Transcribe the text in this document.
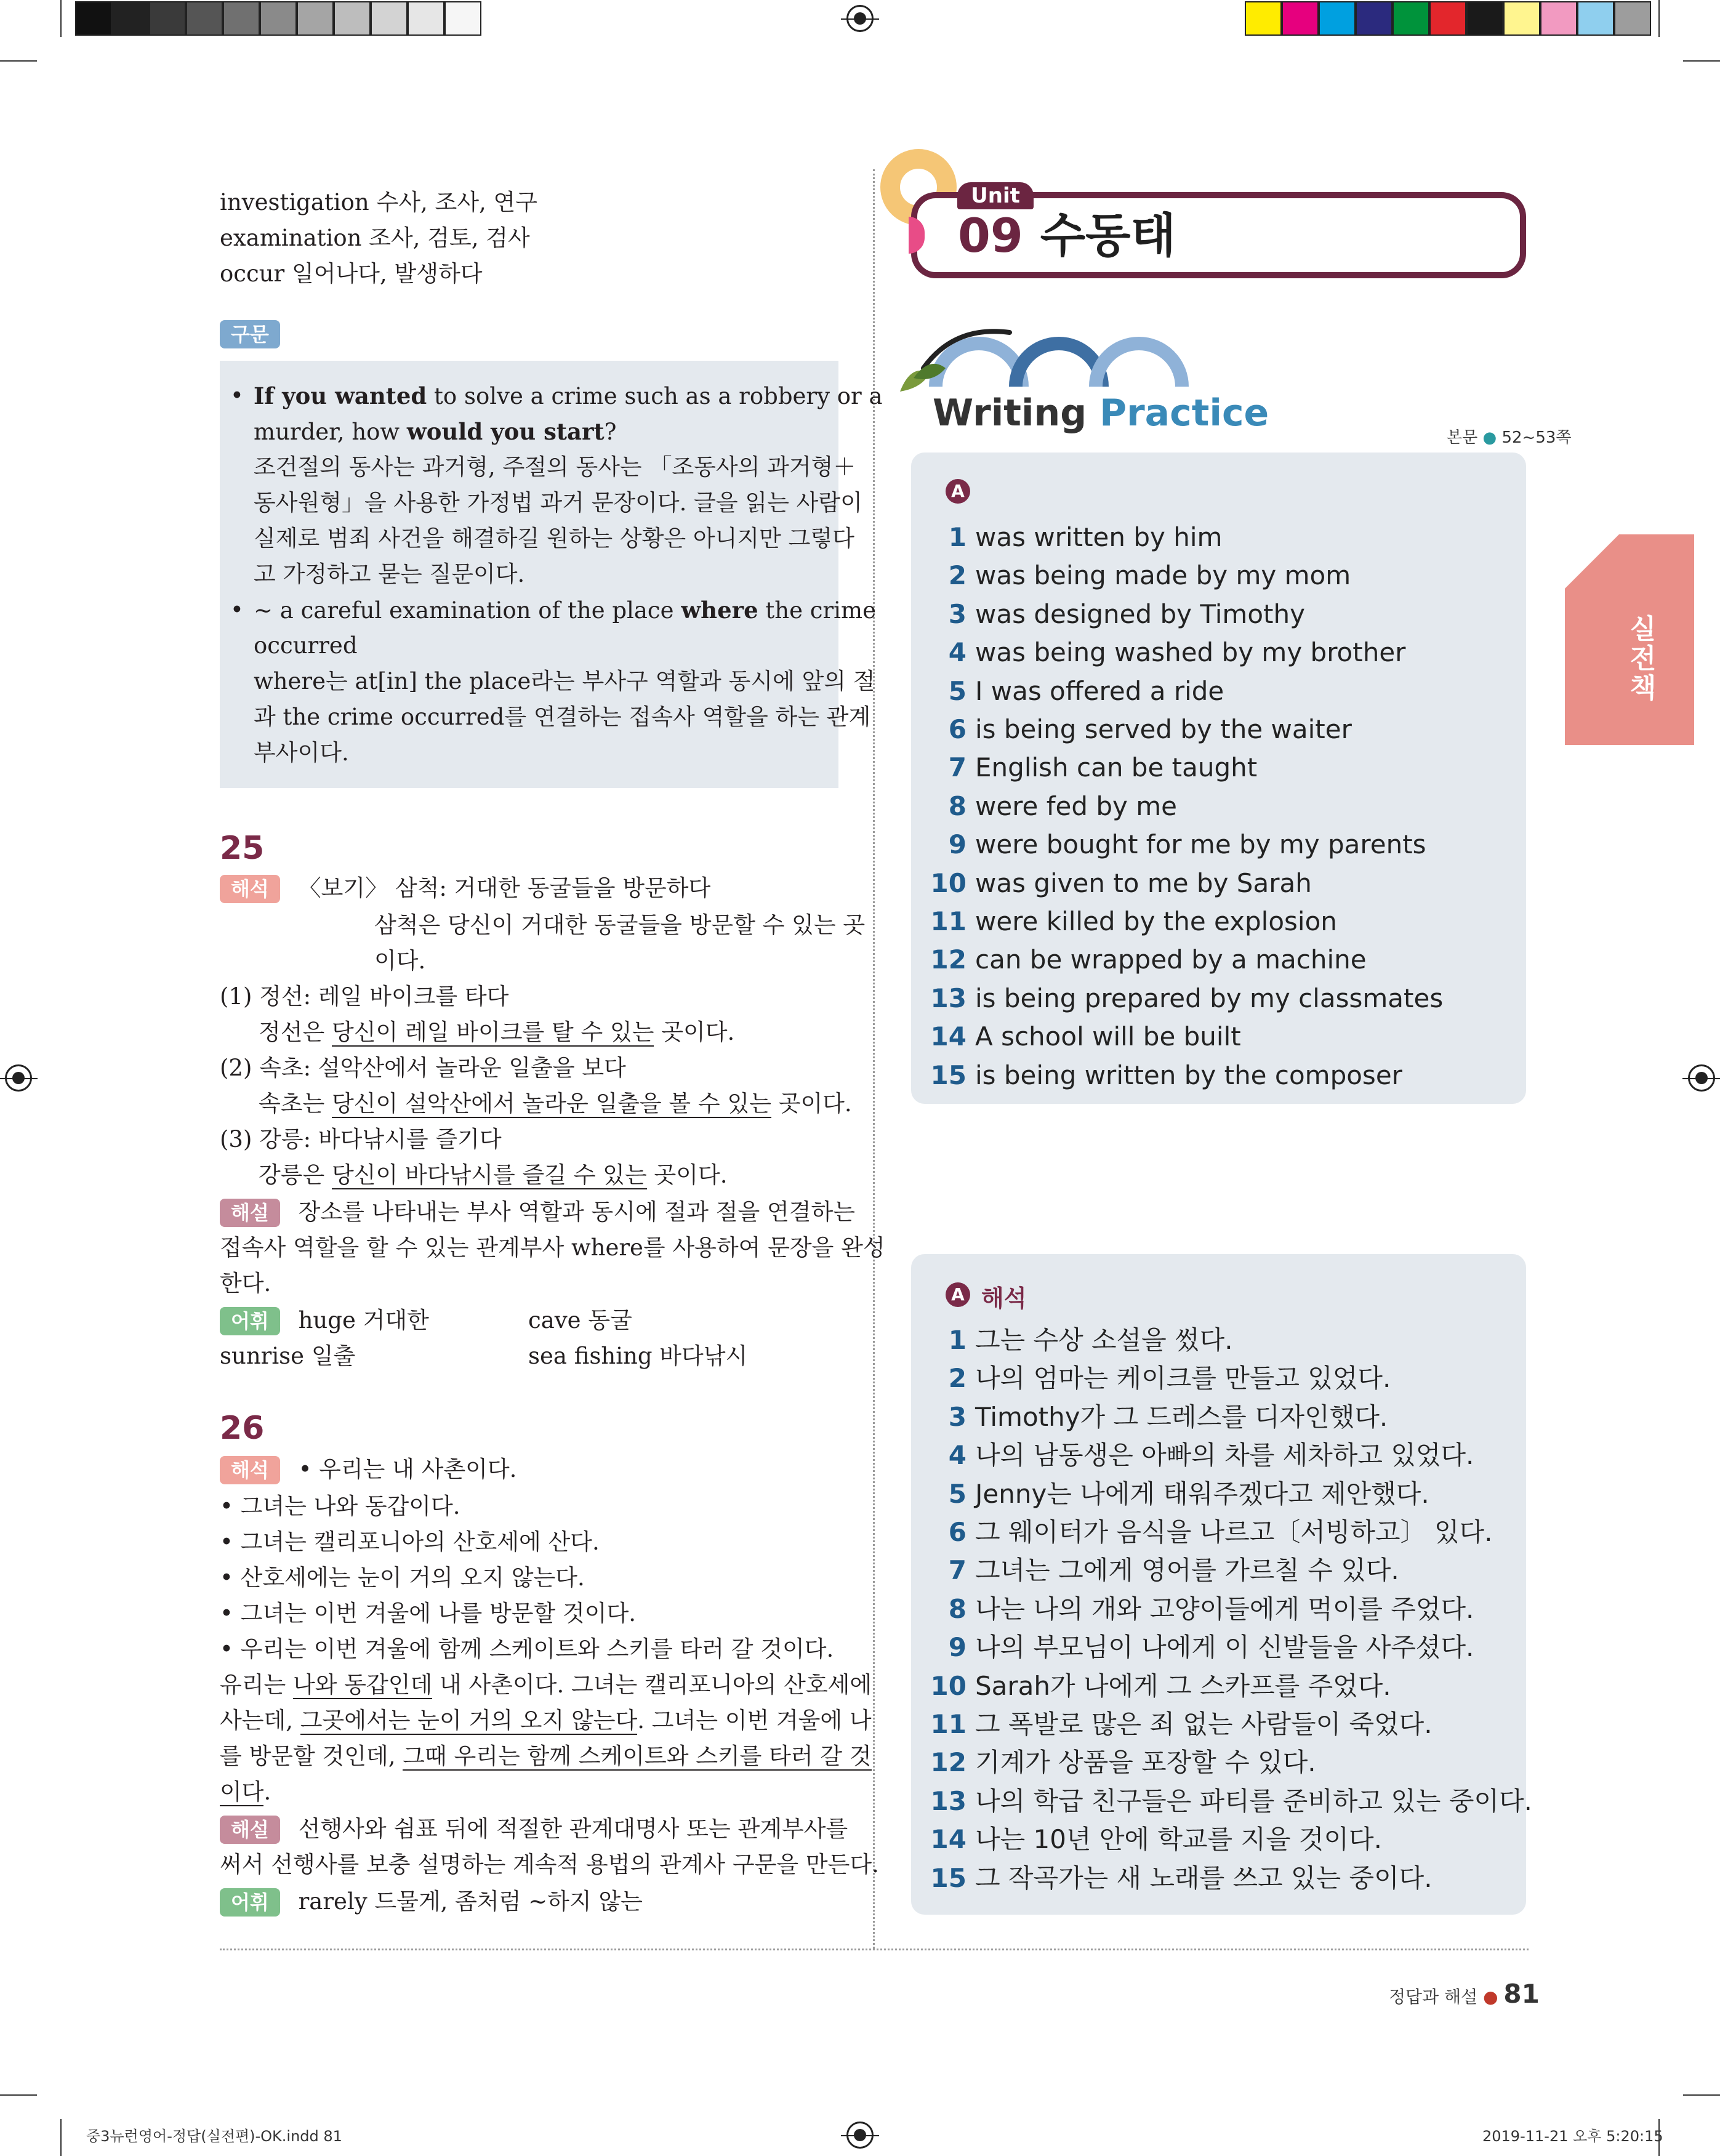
investigation 수사, 조사, 연구
examination 조사, 검토, 검사
occur 일어나다, 발생하다
구문
• If you wanted to solve a crime such as a robbery or a
murder, how would you start?
조건절의 동사는 과거형, 주절의 동사는 「조동사의 과거형＋
동사원형」을 사용한 가정법 과거 문장이다. 글을 읽는 사람이
실제로 범죄 사건을 해결하길 원하는 상황은 아니지만 그렇다
고 가정하고 묻는 질문이다.
• ~ a careful examination of the place where the crime
occurred
where는 at[in] the place라는 부사구 역할과 동시에 앞의 절
과 the crime occurred를 연결하는 접속사 역할을 하는 관계
부사이다.
25
해석 〈보기〉 삼척: 거대한 동굴들을 방문하다
삼척은 당신이 거대한 동굴들을 방문할 수 있는 곳
이다.
(1) 정선: 레일 바이크를 타다
정선은 당신이 레일 바이크를 탈 수 있는 곳이다.
(2) 속초: 설악산에서 놀라운 일출을 보다
속초는 당신이 설악산에서 놀라운 일출을 볼 수 있는 곳이다.
(3) 강릉: 바다낚시를 즐기다
강릉은 당신이 바다낚시를 즐길 수 있는 곳이다.
해설 장소를 나타내는 부사 역할과 동시에 절과 절을 연결하는
접속사 역할을 할 수 있는 관계부사 where를 사용하여 문장을 완성
한다.
어휘 huge 거대한	cave 동굴
sunrise 일출	sea fishing 바다낚시
26
해석 • 우리는 내 사촌이다.
• 그녀는 나와 동갑이다.
• 그녀는 캘리포니아의 산호세에 산다.
• 산호세에는 눈이 거의 오지 않는다.
• 그녀는 이번 겨울에 나를 방문할 것이다.
• 우리는 이번 겨울에 함께 스케이트와 스키를 타러 갈 것이다.
유리는 나와 동갑인데 내 사촌이다. 그녀는 캘리포니아의 산호세에
사는데, 그곳에서는 눈이 거의 오지 않는다. 그녀는 이번 겨울에 나
를 방문할 것인데, 그때 우리는 함께 스케이트와 스키를 타러 갈 것
이다.
해설 선행사와 쉼표 뒤에 적절한 관계대명사 또는 관계부사를
써서 선행사를 보충 설명하는 계속적 용법의 관계사 구문을 만든다.
어휘 rarely 드물게, 좀처럼 ~하지 않는
Unit
09 수동태
Writing Practice
본문 ● 52~53쪽
A
1 was written by him
2 was being made by my mom
3 was designed by Timothy
4 was being washed by my brother
5 I was offered a ride
6 is being served by the waiter
7 English can be taught
8 were fed by me
9 were bought for me by my parents
10 was given to me by Sarah
11 were killed by the explosion
12 can be wrapped by a machine
13 is being prepared by my classmates
14 A school will be built
15 is being written by the composer
A 해석
1 그는 수상 소설을 썼다.
2 나의 엄마는 케이크를 만들고 있었다.
3 Timothy가 그 드레스를 디자인했다.
4 나의 남동생은 아빠의 차를 세차하고 있었다.
5 Jenny는 나에게 태워주겠다고 제안했다.
6 그 웨이터가 음식을 나르고〔서빙하고〕 있다.
7 그녀는 그에게 영어를 가르칠 수 있다.
8 나는 나의 개와 고양이들에게 먹이를 주었다.
9 나의 부모님이 나에게 이 신발들을 사주셨다.
10 Sarah가 나에게 그 스카프를 주었다.
11 그 폭발로 많은 죄 없는 사람들이 죽었다.
12 기계가 상품을 포장할 수 있다.
13 나의 학급 친구들은 파티를 준비하고 있는 중이다.
14 나는 10년 안에 학교를 지을 것이다.
15 그 작곡가는 새 노래를 쓰고 있는 중이다.
실전책
정답과 해설 ● 81
중3뉴런영어-정답(실전편)-OK.indd 81	2019-11-21 오후 5:20:15
